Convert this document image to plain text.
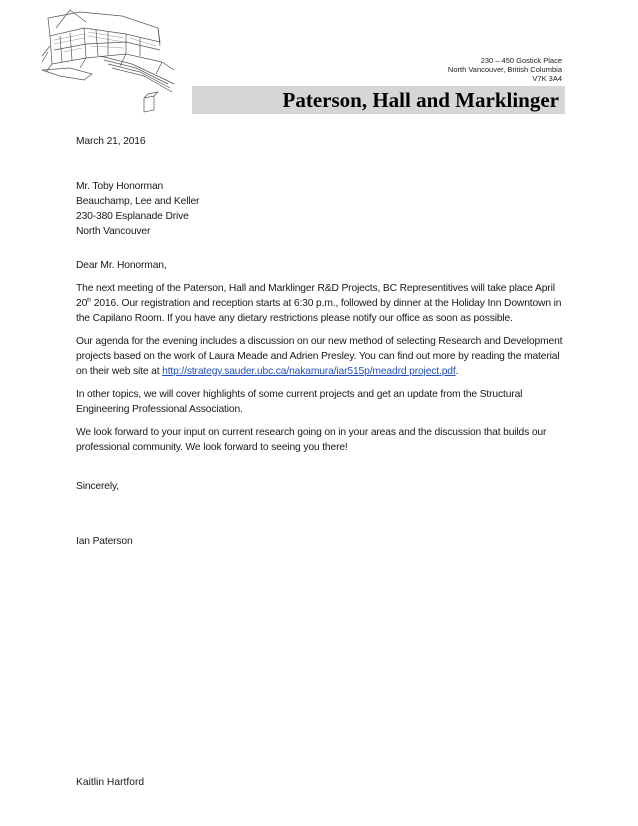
230 – 450 Gostick Place
North Vancouver, British Columbia
V7K 3A4
Paterson, Hall and Marklinger

March 21, 2016

Mr. Toby Honorman
Beauchamp, Lee and Keller
230-380 Esplanade Drive
North Vancouver

Dear Mr. Honorman,

The next meeting of the Paterson, Hall and Marklinger R&D Projects, BC Representitives will take place April 20th 2016. Our registration and reception starts at 6:30 p.m., followed by dinner at the Holiday Inn Downtown in the Capilano Room. If you have any dietary restrictions please notify our office as soon as possible.

Our agenda for the evening includes a discussion on our new method of selecting Research and Development projects based on the work of Laura Meade and Adrien Presley. You can find out more by reading the material on their web site at http://strategy.sauder.ubc.ca/nakamura/iar515p/meadrd project.pdf.

In other topics, we will cover highlights of some current projects and get an update from the Structural Engineering Professional Association.

We look forward to your input on current research going on in your areas and the discussion that builds our professional community. We look forward to seeing you there!

Sincerely,

Ian Paterson

Kaitlin Hartford
